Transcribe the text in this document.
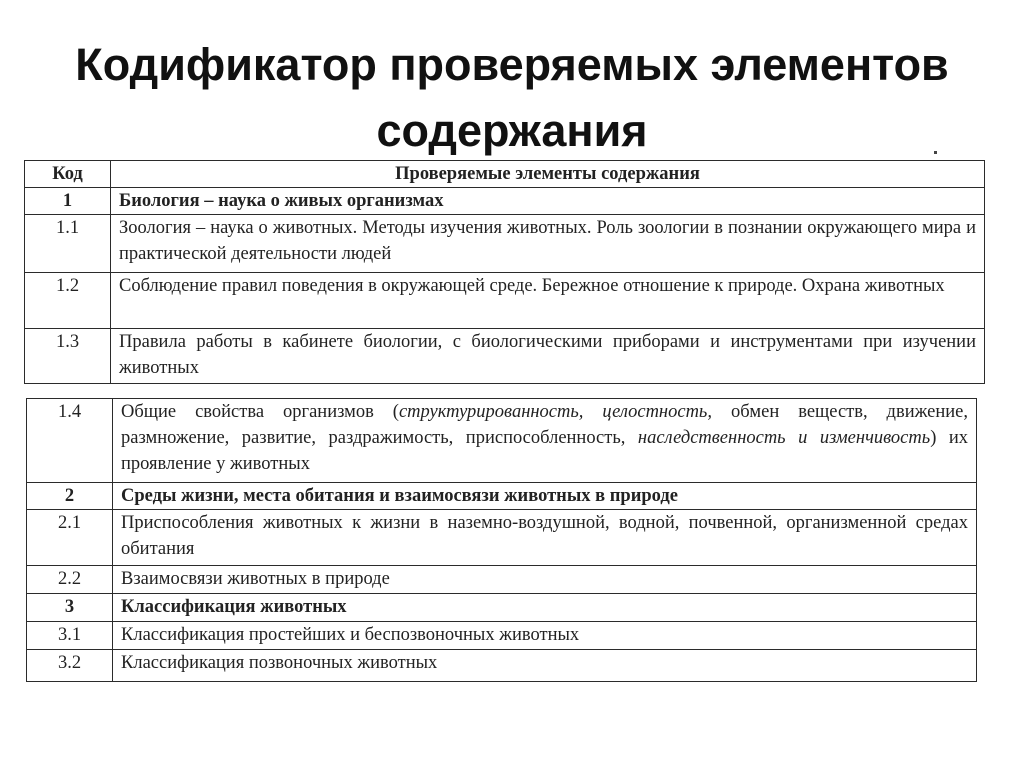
Кодификатор проверяемых элементов
содержания
Код	Проверяемые элементы содержания
1	Биология – наука о живых организмах
1.1	Зоология – наука о животных. Методы изучения животных. Роль зоологии в познании окружающего мира и практической деятельности людей
1.2	Соблюдение правил поведения в окружающей среде. Бережное отношение к природе. Охрана животных
1.3	Правила работы в кабинете биологии, с биологическими приборами и инструментами при изучении животных
1.4	Общие свойства организмов (структурированность, целостность, обмен веществ, движение, размножение, развитие, раздражимость, приспособленность, наследственность и изменчивость) их проявление у животных
2	Среды жизни, места обитания и взаимосвязи животных в природе
2.1	Приспособления животных к жизни в наземно-воздушной, водной, почвенной, организменной средах обитания
2.2	Взаимосвязи животных в природе
3	Классификация животных
3.1	Классификация простейших и беспозвоночных животных
3.2	Классификация позвоночных животных
